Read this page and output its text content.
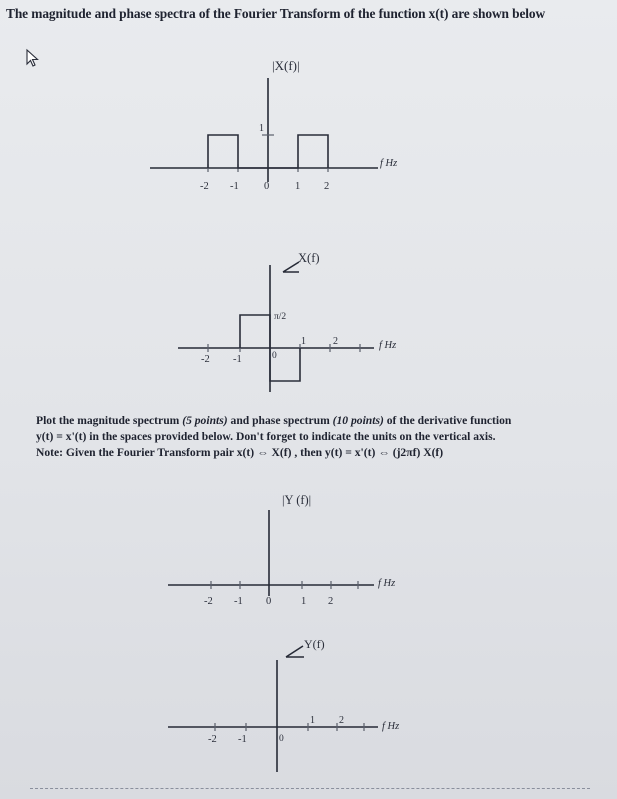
The magnitude and phase spectra of the Fourier Transform of the function x(t) are shown below
|X(f)|
1
f Hz
-2 -1 0 1 2
X(f)
π/2
f Hz
-2 -1	0
1	2
|Y (f)|
f Hz
-2 -1 0	1 2
Y(f)
f Hz
-2 -1	0
1 2
Plot the magnitude spectrum (5 points) and phase spectrum (10 points) of the derivative function
y(t) = x'(t) in the spaces provided below. Don't forget to indicate the units on the vertical axis.
Note: Given the Fourier Transform pair x(t) ⇔ X(f) , then y(t) = x'(t) ⇔ (j2πf) X(f)
